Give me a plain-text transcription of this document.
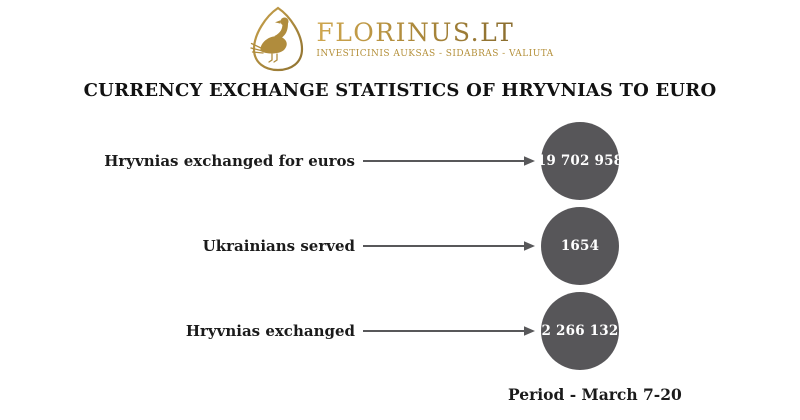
FLORINUS.LT
INVESTICINIS AUKSAS - SIDABRAS - VALIUTA
CURRENCY EXCHANGE STATISTICS OF HRYVNIAS TO EURO
Hryvnias exchanged for euros	19 702 958
Ukrainians served	1654
Hryvnias exchanged	2 266 132
Period - March 7-20
